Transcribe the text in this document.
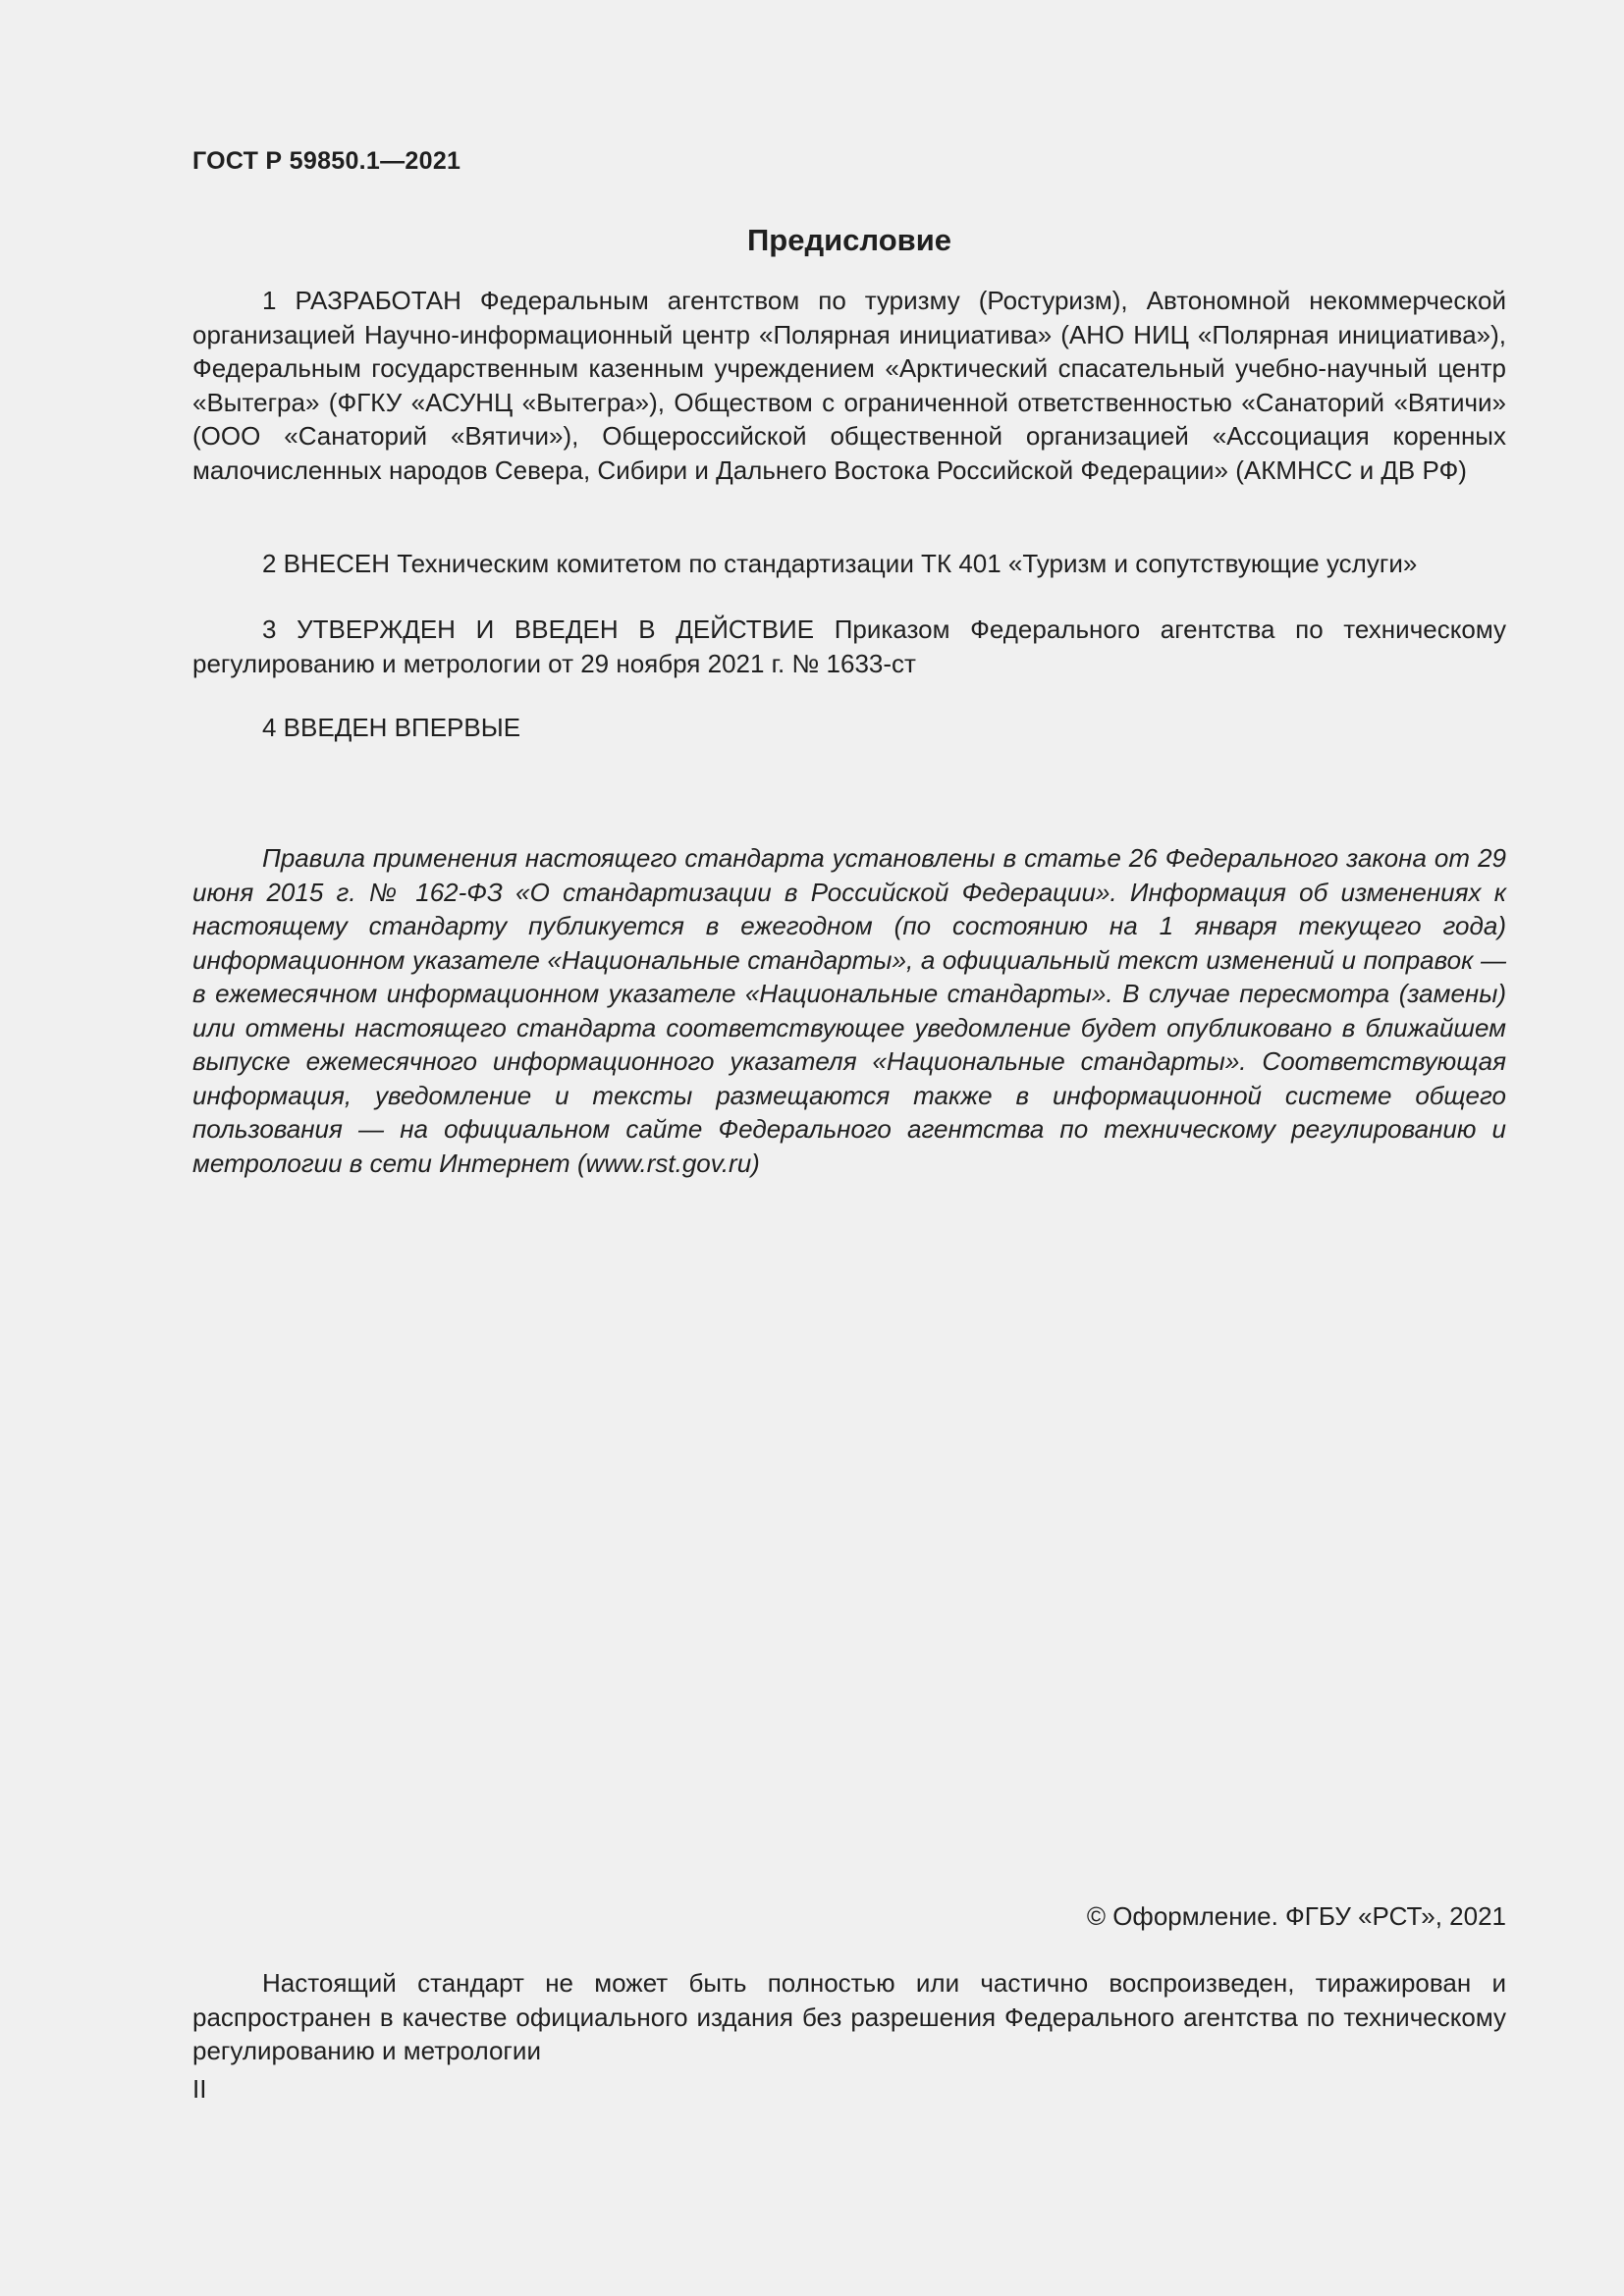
ГОСТ Р 59850.1—2021
Предисловие

1 РАЗРАБОТАН Федеральным агентством по туризму (Ростуризм), Автономной некоммерческой организацией Научно-информационный центр «Полярная инициатива» (АНО НИЦ «Полярная инициатива»), Федеральным государственным казенным учреждением «Арктический спасательный учебно-научный центр «Вытегра» (ФГКУ «АСУНЦ «Вытегра»), Обществом с ограниченной ответственностью «Санаторий «Вятичи» (ООО «Санаторий «Вятичи»), Общероссийской общественной организацией «Ассоциация коренных малочисленных народов Севера, Сибири и Дальнего Востока Российской Федерации» (АКМНСС и ДВ РФ)

2 ВНЕСЕН Техническим комитетом по стандартизации ТК 401 «Туризм и сопутствующие услуги»

3 УТВЕРЖДЕН И ВВЕДЕН В ДЕЙСТВИЕ Приказом Федерального агентства по техническому регулированию и метрологии от 29 ноября 2021 г. № 1633-ст

4 ВВЕДЕН ВПЕРВЫЕ

Правила применения настоящего стандарта установлены в статье 26 Федерального закона от 29 июня 2015 г. № 162-ФЗ «О стандартизации в Российской Федерации». Информация об изменениях к настоящему стандарту публикуется в ежегодном (по состоянию на 1 января текущего года) информационном указателе «Национальные стандарты», а официальный текст изменений и поправок — в ежемесячном информационном указателе «Национальные стандарты». В случае пересмотра (замены) или отмены настоящего стандарта соответствующее уведомление будет опубликовано в ближайшем выпуске ежемесячного информационного указателя «Национальные стандарты». Соответствующая информация, уведомление и тексты размещаются также в информационной системе общего пользования — на официальном сайте Федерального агентства по техническому регулированию и метрологии в сети Интернет (www.rst.gov.ru)

© Оформление. ФГБУ «РСТ», 2021

Настоящий стандарт не может быть полностью или частично воспроизведен, тиражирован и распространен в качестве официального издания без разрешения Федерального агентства по техническому регулированию и метрологии

II
